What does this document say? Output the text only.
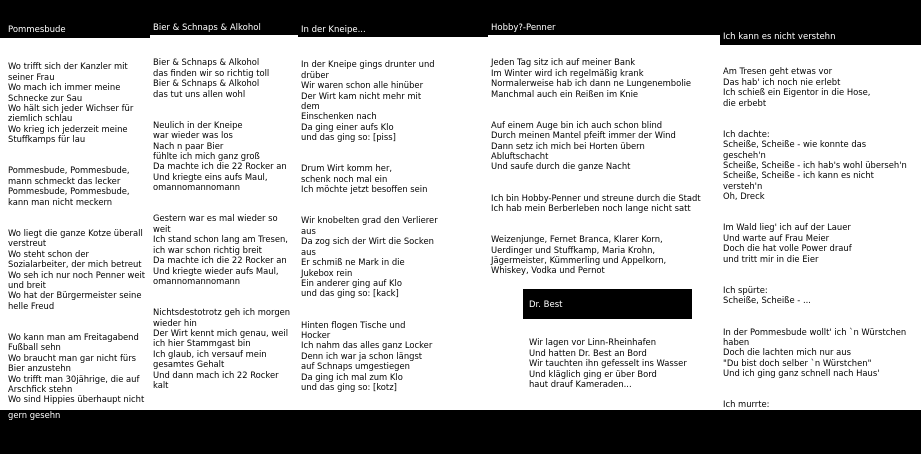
Pommesbude

Wo trifft sich der Kanzler mit
seiner Frau
Wo mach ich immer meine
Schnecke zur Sau
Wo hält sich jeder Wichser für
ziemlich schlau
Wo krieg ich jederzeit meine
Stuffkamps für lau

Pommesbude, Pommesbude,
mann schmeckt das lecker
Pommesbude, Pommesbude,
kann man nicht meckern

Wo liegt die ganze Kotze überall
verstreut
Wo steht schon der
Sozialarbeiter, der mich betreut
Wo seh ich nur noch Penner weit
und breit
Wo hat der Bürgermeister seine
helle Freud

Wo kann man am Freitagabend
Fußball sehn
Wo braucht man gar nicht fürs
Bier anzustehn
Wo trifft man 30jährige, die auf
Arschfick stehn
Wo sind Hippies überhaupt nicht

gern gesehn
Bier & Schnaps & Alkohol

Bier & Schnaps & Alkohol
das finden wir so richtig toll
Bier & Schnaps & Alkohol
das tut uns allen wohl

Neulich in der Kneipe
war wieder was los
Nach n paar Bier
fühlte ich mich ganz groß
Da machte ich die 22 Rocker an
Und kriegte eins aufs Maul,
omannomannomann

Gestern war es mal wieder so
weit
Ich stand schon lang am Tresen,
ich war schon richtig breit
Da machte ich die 22 Rocker an
Und kriegte wieder aufs Maul,
omannomannomann

Nichtsdestotrotz geh ich morgen
wieder hin
Der Wirt kennt mich genau, weil
ich hier Stammgast bin
Ich glaub, ich versauf mein
gesamtes Gehalt
Und dann mach ich 22 Rocker
kalt

In der Kneipe...

In der Kneipe gings drunter und
drüber
Wir waren schon alle hinüber
Der Wirt kam nicht mehr mit dem
Einschenken nach
Da ging einer aufs Klo
und das ging so: [piss]

Drum Wirt komm her,
schenk noch mal ein
Ich möchte jetzt besoffen sein

Wir knobelten grad den Verlierer
aus
Da zog sich der Wirt die Socken
aus
Er schmiß ne Mark in die
Jukebox rein
Ein anderer ging auf Klo
und das ging so: [kack]

Hinten flogen Tische und
Hocker
Ich nahm das alles ganz Locker
Denn ich war ja schon längst
auf Schnaps umgestiegen
Da ging ich mal zum Klo
und das ging so: [kotz]

Hobby?-Penner

Jeden Tag sitz ich auf meiner Bank
Im Winter wird ich regelmäßig krank
Normalerweise hab ich dann ne Lungenembolie
Manchmal auch ein Reißen im Knie

Auf einem Auge bin ich auch schon blind
Durch meinen Mantel pfeift immer der Wind
Dann setz ich mich bei Horten übern
Abluftschacht
Und saufe durch die ganze Nacht

Ich bin Hobby-Penner und streune durch die Stadt
Ich hab mein Berberleben noch lange nicht satt

Weizenjunge, Fernet Branca, Klarer Korn,
Uerdinger und Stuffkamp, Maria Krohn,
Jägermeister, Kümmerling und Appelkorn,
Whiskey, Vodka und Pernot

Dr. Best

Wir lagen vor Linn-Rheinhafen
Und hatten Dr. Best an Bord
Wir tauchten ihn gefesselt ins Wasser
Und kläglich ging er über Bord
haut drauf Kameraden...

Ich kann es nicht verstehn

Am Tresen geht etwas vor
Das hab' ich noch nie erlebt
Ich schieß ein Eigentor in die Hose,
die erbebt

Ich dachte:
Scheiße, Scheiße - wie konnte das
gescheh'n
Scheiße, Scheiße - ich hab's wohl überseh'n
Scheiße, Scheiße - ich kann es nicht
versteh'n
Oh, Dreck

Im Wald lieg' ich auf der Lauer
Und warte auf Frau Meier
Doch die hat volle Power drauf
und tritt mir in die Eier

Ich spürte:
Scheiße, Scheiße - ...

In der Pommesbude wollt' ich `n Würstchen
haben
Doch die lachten mich nur aus
"Du bist doch selber `n Würstchen"
Und ich ging ganz schnell nach Haus'

Ich murrte:
Scheiße, Scheiße -
